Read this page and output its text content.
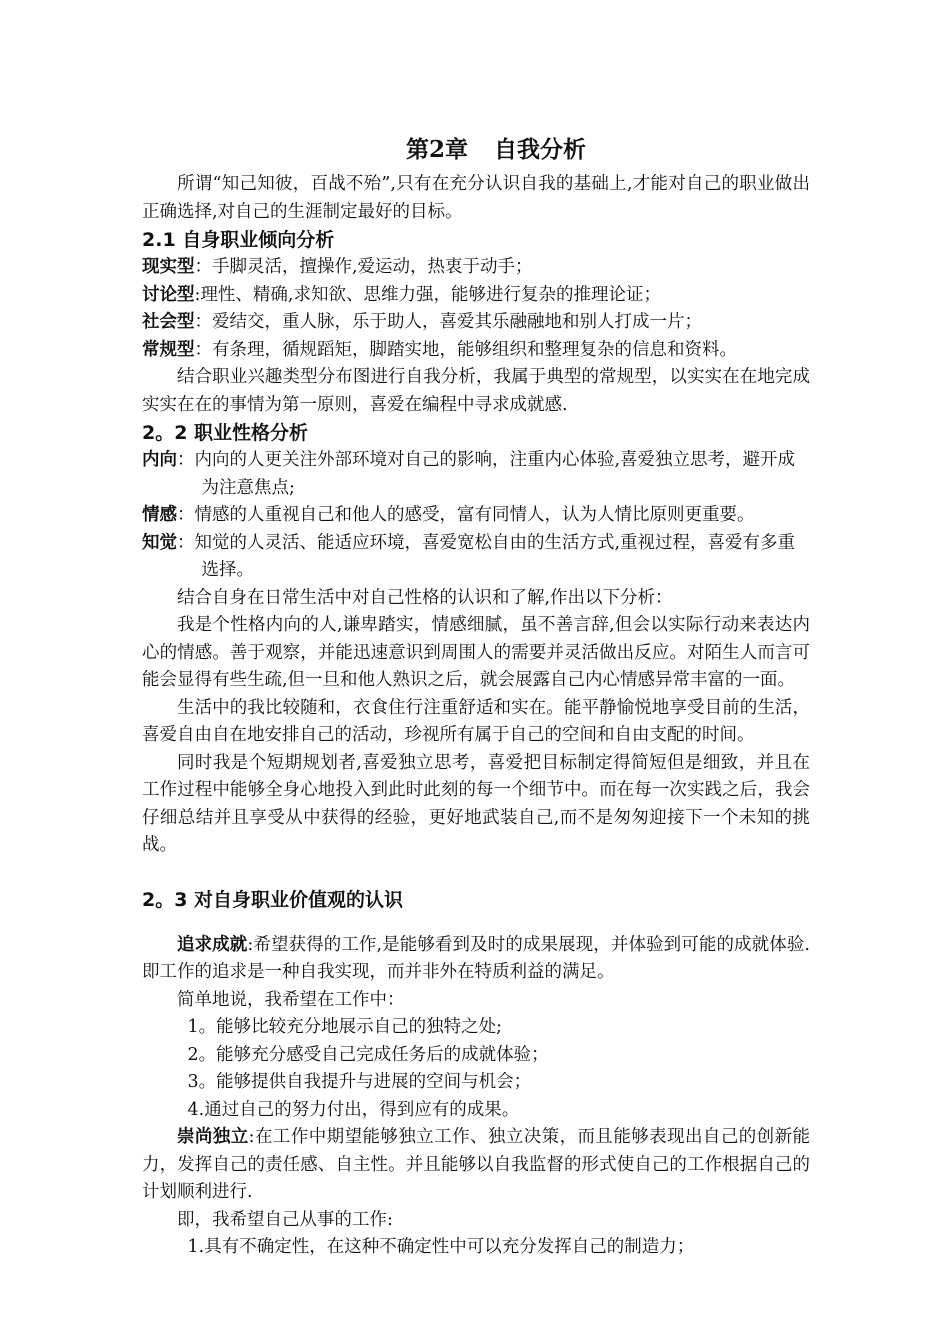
第2章 自我分析

所谓“知己知彼，百战不殆”,只有在充分认识自我的基础上,才能对自己的职业做出正确选择,对自己的生涯制定最好的目标。

2.1 自身职业倾向分析

现实型：手脚灵活，擅操作,爱运动，热衷于动手；

讨论型:理性、精确,求知欲、思维力强，能够进行复杂的推理论证；

社会型：爱结交，重人脉，乐于助人，喜爱其乐融融地和别人打成一片；

常规型：有条理，循规蹈矩，脚踏实地，能够组织和整理复杂的信息和资料。

结合职业兴趣类型分布图进行自我分析，我属于典型的常规型，以实实在在地完成实实在在的事情为第一原则，喜爱在编程中寻求成就感.

2。2 职业性格分析

内向：内向的人更关注外部环境对自己的影响，注重内心体验,喜爱独立思考，避开成为注意焦点;

情感：情感的人重视自己和他人的感受，富有同情人，认为人情比原则更重要。

知觉：知觉的人灵活、能适应环境，喜爱宽松自由的生活方式,重视过程，喜爱有多重选择。

结合自身在日常生活中对自己性格的认识和了解,作出以下分析：

我是个性格内向的人,谦卑踏实，情感细腻，虽不善言辞,但会以实际行动来表达内心的情感。善于观察，并能迅速意识到周围人的需要并灵活做出反应。对陌生人而言可能会显得有些生疏,但一旦和他人熟识之后，就会展露自己内心情感异常丰富的一面。

生活中的我比较随和，衣食住行注重舒适和实在。能平静愉悦地享受目前的生活，喜爱自由自在地安排自己的活动，珍视所有属于自己的空间和自由支配的时间。

同时我是个短期规划者,喜爱独立思考，喜爱把目标制定得简短但是细致，并且在工作过程中能够全身心地投入到此时此刻的每一个细节中。而在每一次实践之后，我会仔细总结并且享受从中获得的经验，更好地武装自己,而不是匆匆迎接下一个未知的挑战。

2。3 对自身职业价值观的认识

追求成就:希望获得的工作,是能够看到及时的成果展现，并体验到可能的成就体验.即工作的追求是一种自我实现，而并非外在特质利益的满足。

简单地说，我希望在工作中：

1。能够比较充分地展示自己的独特之处;

2。能够充分感受自己完成任务后的成就体验；

3。能够提供自我提升与进展的空间与机会；

4.通过自己的努力付出，得到应有的成果。

崇尚独立:在工作中期望能够独立工作、独立决策，而且能够表现出自己的创新能力，发挥自己的责任感、自主性。并且能够以自我监督的形式使自己的工作根据自己的计划顺利进行.

即，我希望自己从事的工作:

1.具有不确定性，在这种不确定性中可以充分发挥自己的制造力；
